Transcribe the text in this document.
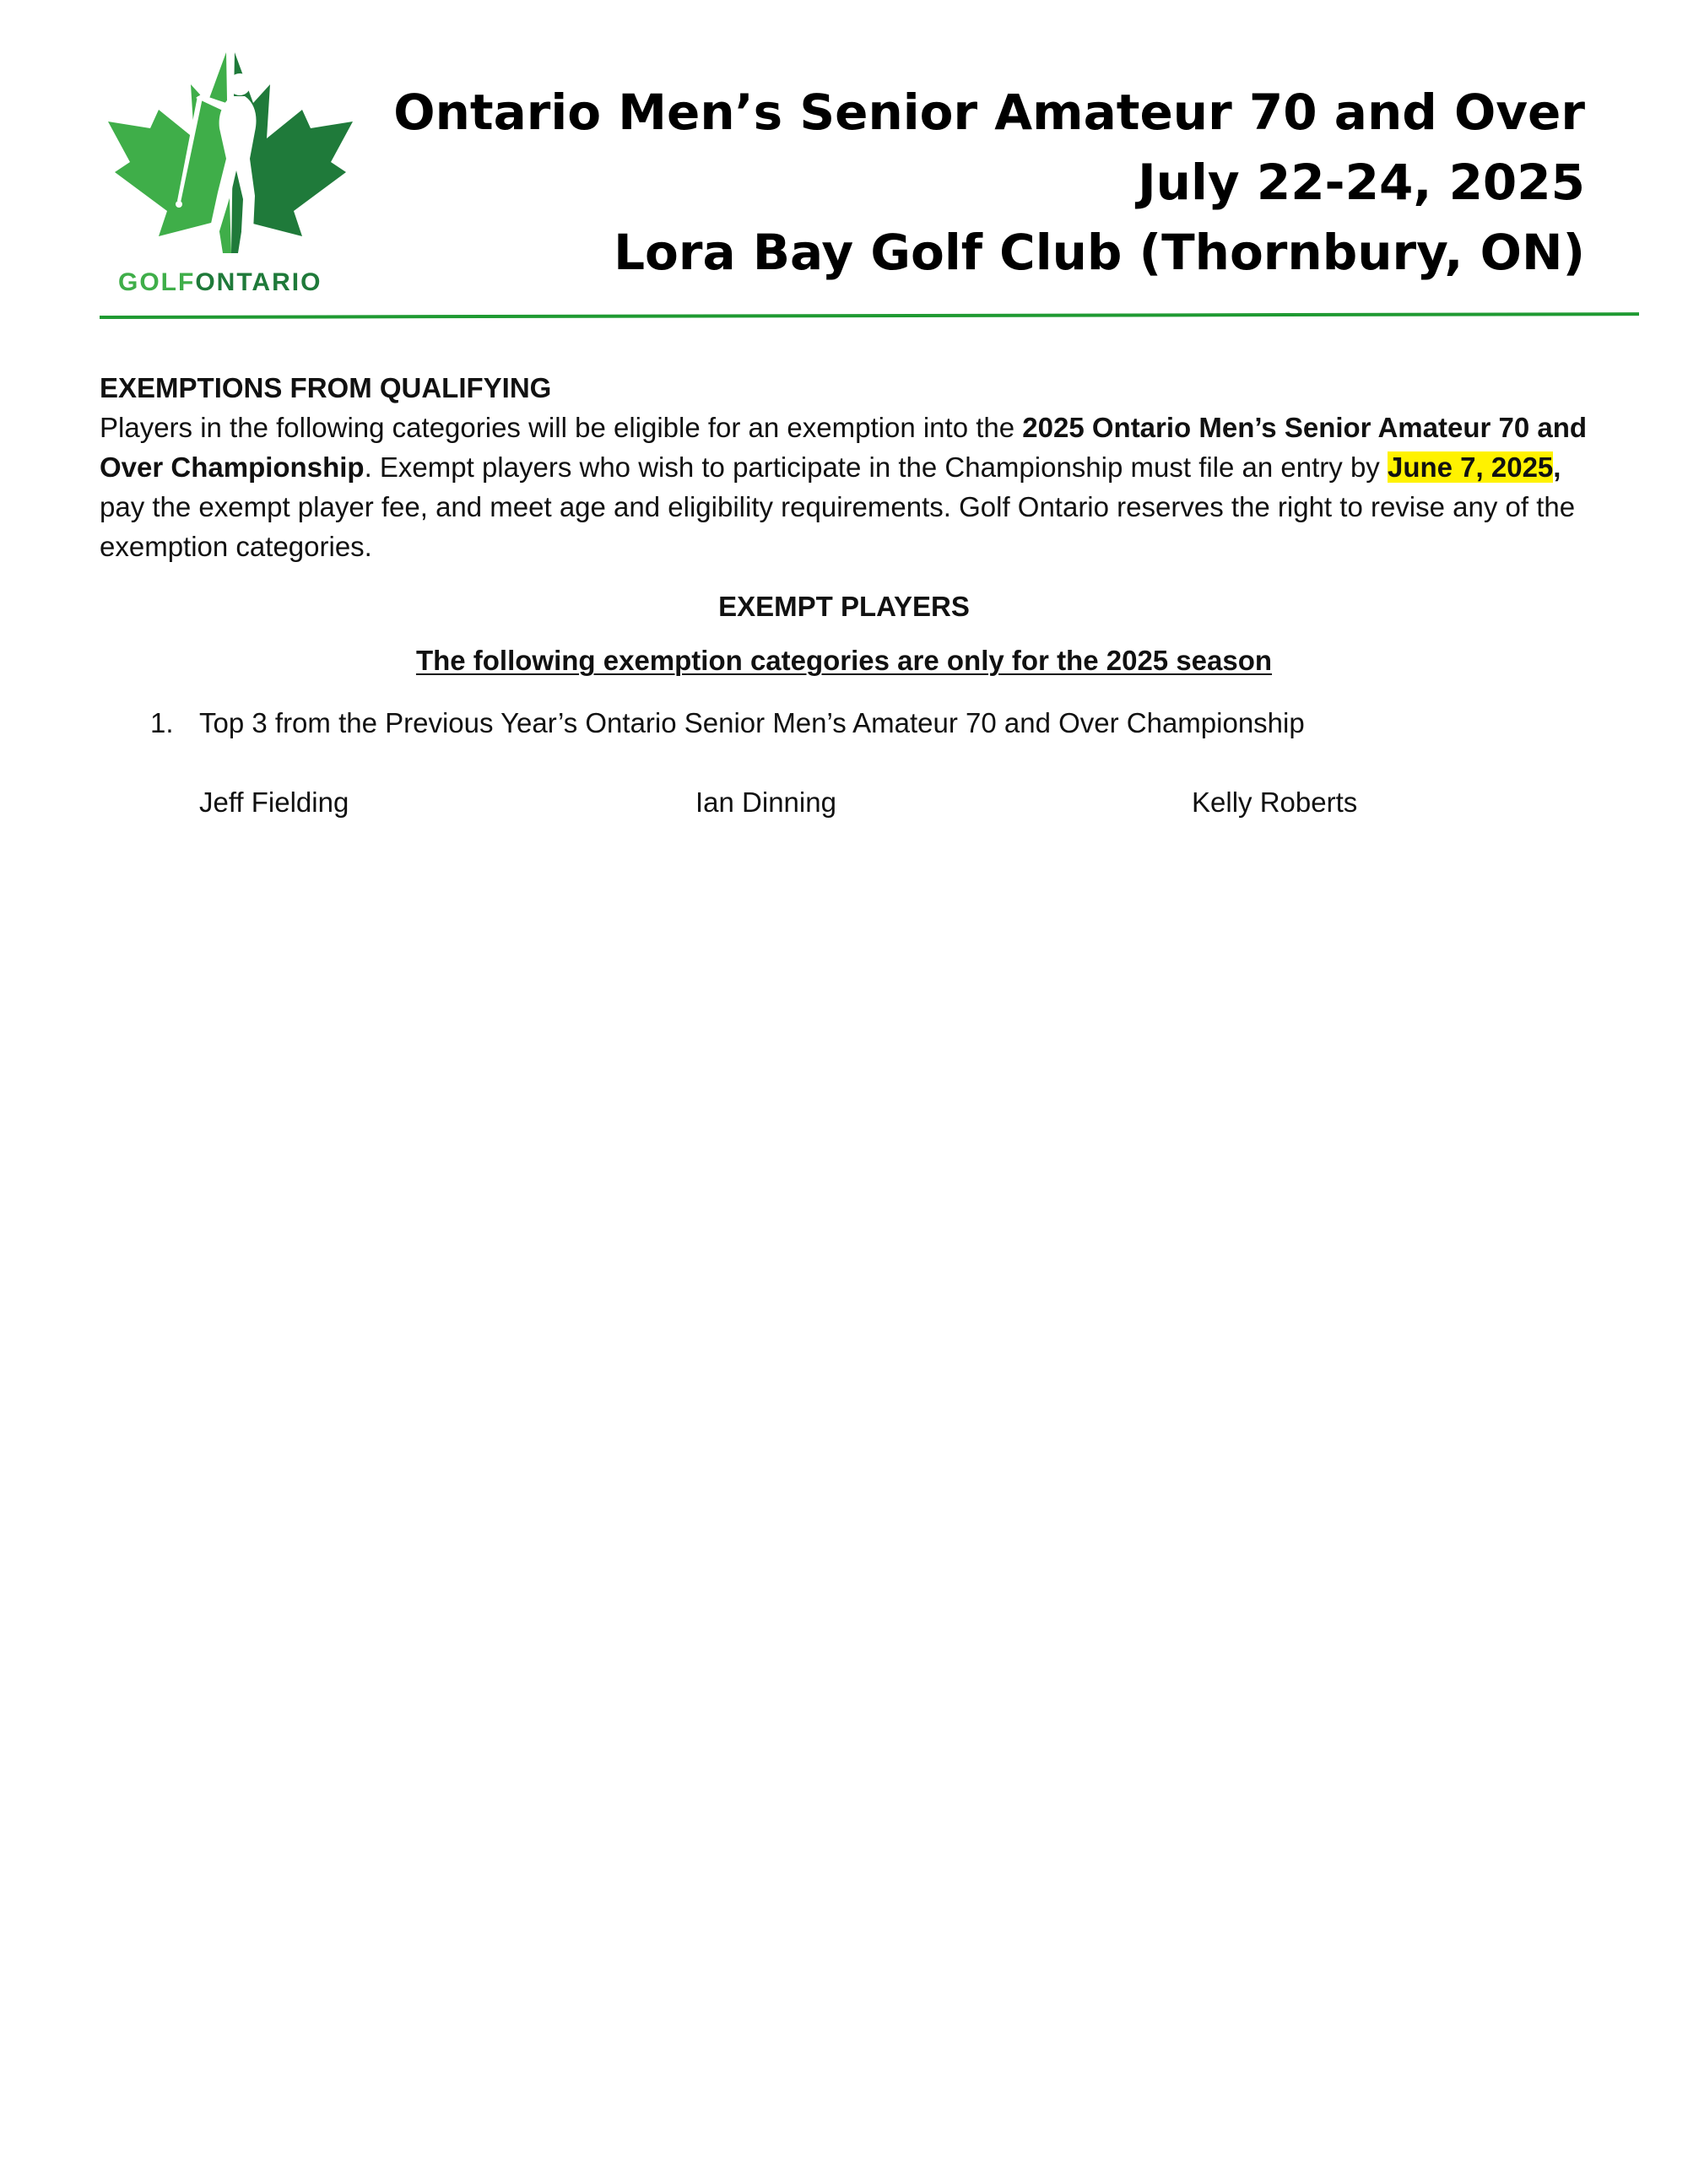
GOLFONTARIO
Ontario Men’s Senior Amateur 70 and Over
July 22-24, 2025
Lora Bay Golf Club (Thornbury, ON)

EXEMPTIONS FROM QUALIFYING

Players in the following categories will be eligible for an exemption into the 2025 Ontario Men’s Senior Amateur 70 and Over Championship. Exempt players who wish to participate in the Championship must file an entry by June 7, 2025, pay the exempt player fee, and meet age and eligibility requirements. Golf Ontario reserves the right to revise any of the exemption categories.

EXEMPT PLAYERS

The following exemption categories are only for the 2025 season

1. Top 3 from the Previous Year’s Ontario Senior Men’s Amateur 70 and Over Championship
Jeff Fielding	Ian Dinning	Kelly Roberts
